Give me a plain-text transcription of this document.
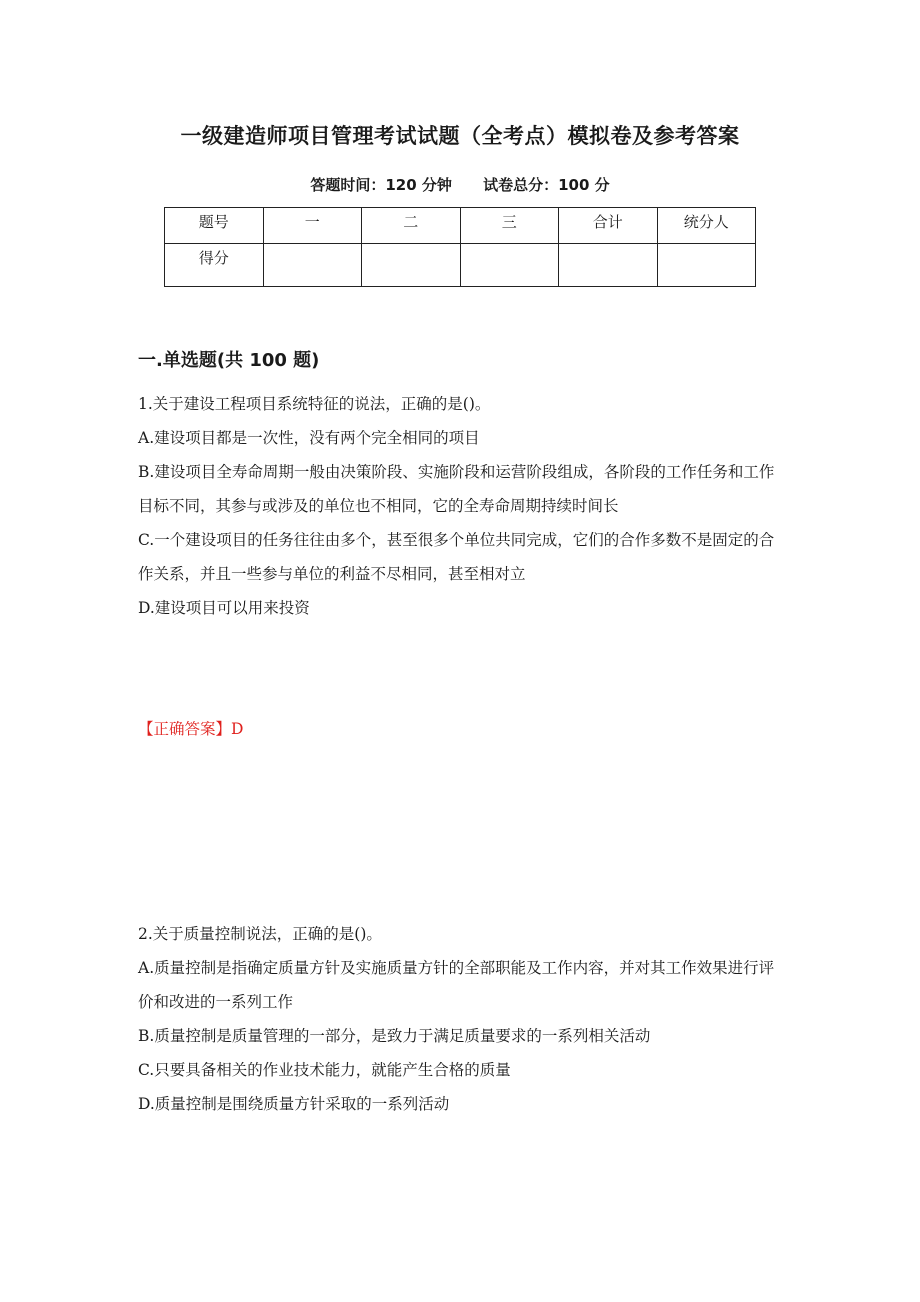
一级建造师项目管理考试试题（全考点）模拟卷及参考答案
答题时间：120 分钟 试卷总分：100 分
题号	一	二	三	合计	统分人
得分					
一.单选题(共 100 题)

1.关于建设工程项目系统特征的说法，正确的是()。

A.建设项目都是一次性，没有两个完全相同的项目

B.建设项目全寿命周期一般由决策阶段、实施阶段和运营阶段组成，各阶段的工作任务和工作目标不同，其参与或涉及的单位也不相同，它的全寿命周期持续时间长

C.一个建设项目的任务往往由多个，甚至很多个单位共同完成，它们的合作多数不是固定的合作关系，并且一些参与单位的利益不尽相同，甚至相对立

D.建设项目可以用来投资

【正确答案】D

2.关于质量控制说法，正确的是()。

A.质量控制是指确定质量方针及实施质量方针的全部职能及工作内容，并对其工作效果进行评价和改进的一系列工作

B.质量控制是质量管理的一部分，是致力于满足质量要求的一系列相关活动

C.只要具备相关的作业技术能力，就能产生合格的质量

D.质量控制是围绕质量方针采取的一系列活动
